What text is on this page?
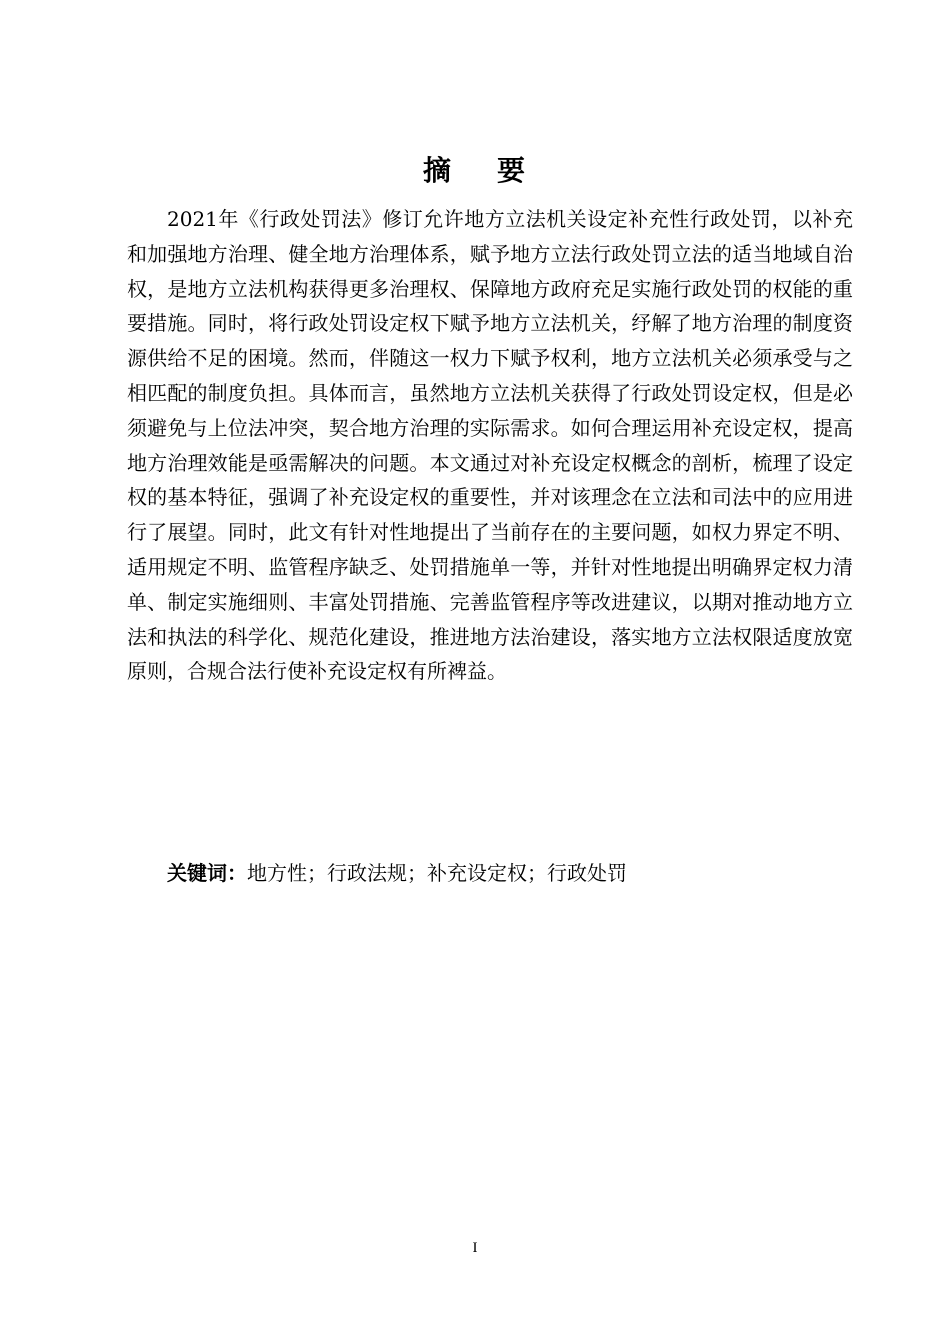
摘 要

2021年《行政处罚法》修订允许地方立法机关设定补充性行政处罚，以补充和加强地方治理、健全地方治理体系，赋予地方立法行政处罚立法的适当地域自治权，是地方立法机构获得更多治理权、保障地方政府充足实施行政处罚的权能的重要措施。同时，将行政处罚设定权下赋予地方立法机关，纾解了地方治理的制度资源供给不足的困境。然而，伴随这一权力下赋予权利，地方立法机关必须承受与之相匹配的制度负担。具体而言，虽然地方立法机关获得了行政处罚设定权，但是必须避免与上位法冲突，契合地方治理的实际需求。如何合理运用补充设定权，提高地方治理效能是亟需解决的问题。本文通过对补充设定权概念的剖析，梳理了设定权的基本特征，强调了补充设定权的重要性，并对该理念在立法和司法中的应用进行了展望。同时，此文有针对性地提出了当前存在的主要问题，如权力界定不明、适用规定不明、监管程序缺乏、处罚措施单一等，并针对性地提出明确界定权力清单、制定实施细则、丰富处罚措施、完善监管程序等改进建议，以期对推动地方立法和执法的科学化、规范化建设，推进地方法治建设，落实地方立法权限适度放宽原则，合规合法行使补充设定权有所裨益。

关键词：地方性；行政法规；补充设定权；行政处罚
I
